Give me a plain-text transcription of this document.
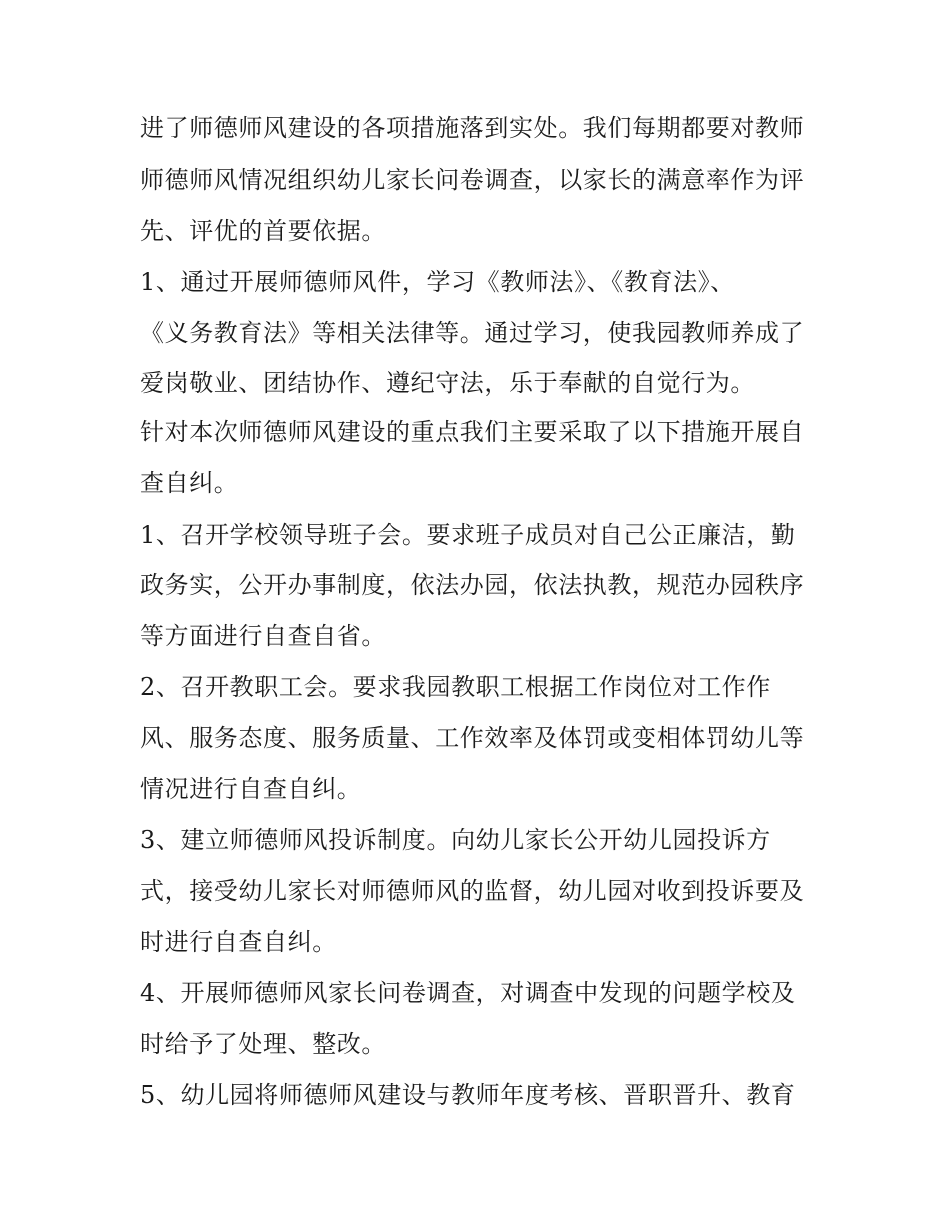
进了师德师风建设的各项措施落到实处。我们每期都要对教师

师德师风情况组织幼儿家长问卷调查，以家长的满意率作为评

先、评优的首要依据。

1、通过开展师德师风件，学习《教师法》、《教育法》、

《义务教育法》等相关法律等。通过学习，使我园教师养成了

爱岗敬业、团结协作、遵纪守法，乐于奉献的自觉行为。

针对本次师德师风建设的重点我们主要采取了以下措施开展自

查自纠。

1、召开学校领导班子会。要求班子成员对自己公正廉洁，勤

政务实，公开办事制度，依法办园，依法执教，规范办园秩序

等方面进行自查自省。

2、召开教职工会。要求我园教职工根据工作岗位对工作作

风、服务态度、服务质量、工作效率及体罚或变相体罚幼儿等

情况进行自查自纠。

3、建立师德师风投诉制度。向幼儿家长公开幼儿园投诉方

式，接受幼儿家长对师德师风的监督，幼儿园对收到投诉要及

时进行自查自纠。

4、开展师德师风家长问卷调查，对调查中发现的问题学校及

时给予了处理、整改。

5、幼儿园将师德师风建设与教师年度考核、晋职晋升、教育
